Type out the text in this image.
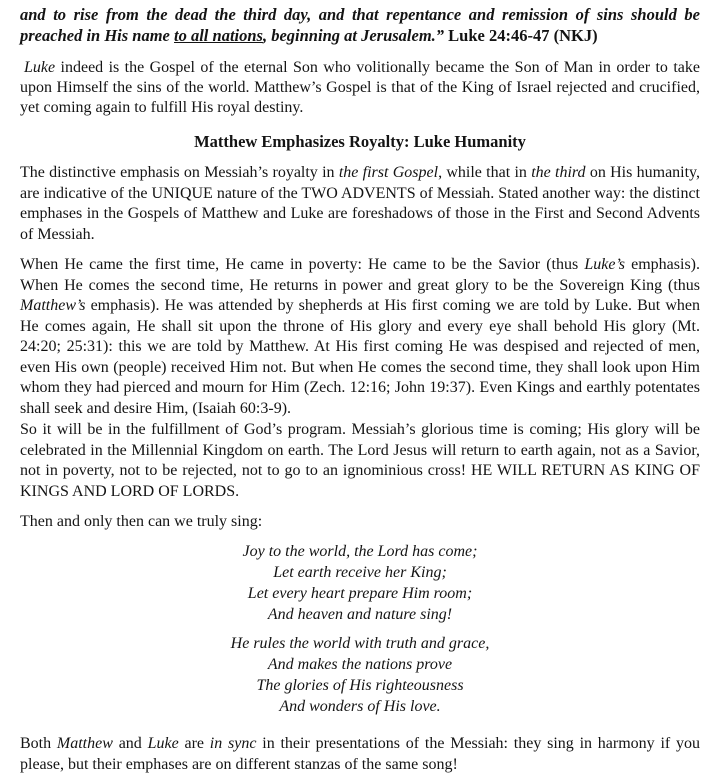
and to rise from the dead the third day, and that repentance and remission of sins should be preached in His name to all nations, beginning at Jerusalem.” Luke 24:46-47 (NKJ)

Luke indeed is the Gospel of the eternal Son who volitionally became the Son of Man in order to take upon Himself the sins of the world. Matthew’s Gospel is that of the King of Israel rejected and crucified, yet coming again to fulfill His royal destiny.

Matthew Emphasizes Royalty: Luke Humanity

The distinctive emphasis on Messiah’s royalty in the first Gospel, while that in the third on His humanity, are indicative of the UNIQUE nature of the TWO ADVENTS of Messiah. Stated another way: the distinct emphases in the Gospels of Matthew and Luke are foreshadows of those in the First and Second Advents of Messiah.

When He came the first time, He came in poverty: He came to be the Savior (thus Luke’s emphasis). When He comes the second time, He returns in power and great glory to be the Sovereign King (thus Matthew’s emphasis). He was attended by shepherds at His first coming we are told by Luke. But when He comes again, He shall sit upon the throne of His glory and every eye shall behold His glory (Mt. 24:20; 25:31): this we are told by Matthew. At His first coming He was despised and rejected of men, even His own (people) received Him not. But when He comes the second time, they shall look upon Him whom they had pierced and mourn for Him (Zech. 12:16; John 19:37). Even Kings and earthly potentates shall seek and desire Him, (Isaiah 60:3-9).

So it will be in the fulfillment of God’s program. Messiah’s glorious time is coming; His glory will be celebrated in the Millennial Kingdom on earth. The Lord Jesus will return to earth again, not as a Savior, not in poverty, not to be rejected, not to go to an ignominious cross! HE WILL RETURN AS KING OF KINGS AND LORD OF LORDS.

Then and only then can we truly sing:

Joy to the world, the Lord has come;
Let earth receive her King;
Let every heart prepare Him room;
And heaven and nature sing!
He rules the world with truth and grace,
And makes the nations prove
The glories of His righteousness
And wonders of His love.

Both Matthew and Luke are in sync in their presentations of the Messiah: they sing in harmony if you please, but their emphases are on different stanzas of the same song!
